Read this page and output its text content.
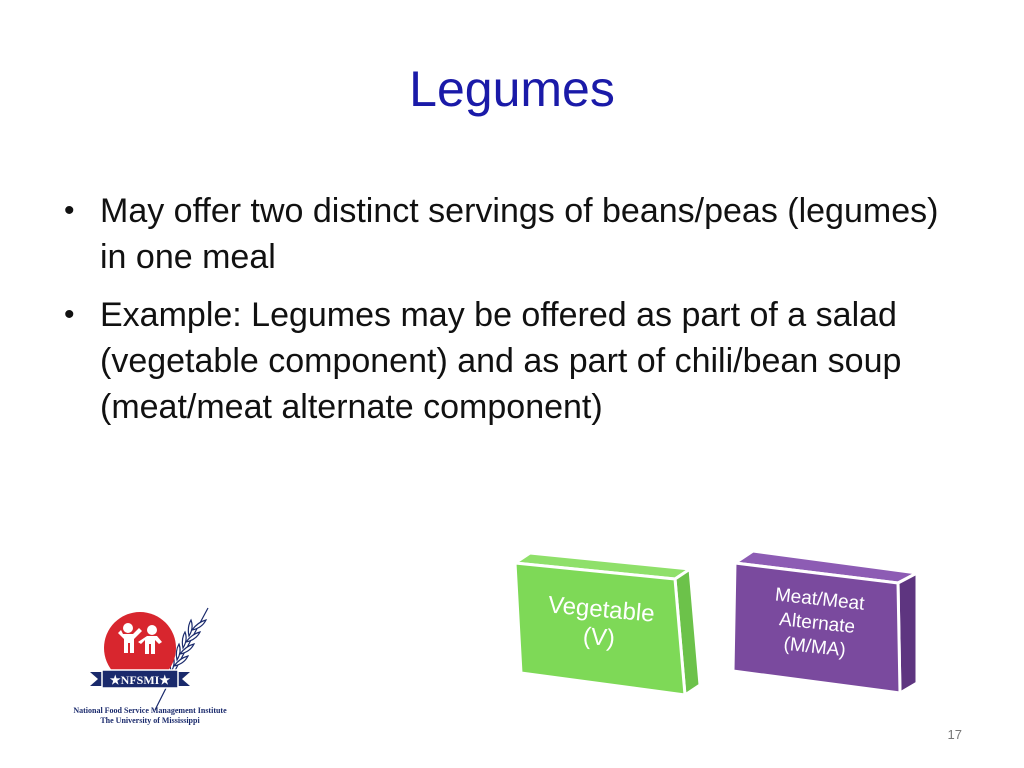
Legumes
• May offer two distinct servings of beans/peas (legumes) in one meal
• Example: Legumes may be offered as part of a salad (vegetable component) and as part of chili/bean soup (meat/meat alternate component)
★NFSMI★
National Food Service Management Institute
The University of Mississippi
Vegetable
(V)
Meat/Meat
Alternate
(M/MA)
17
